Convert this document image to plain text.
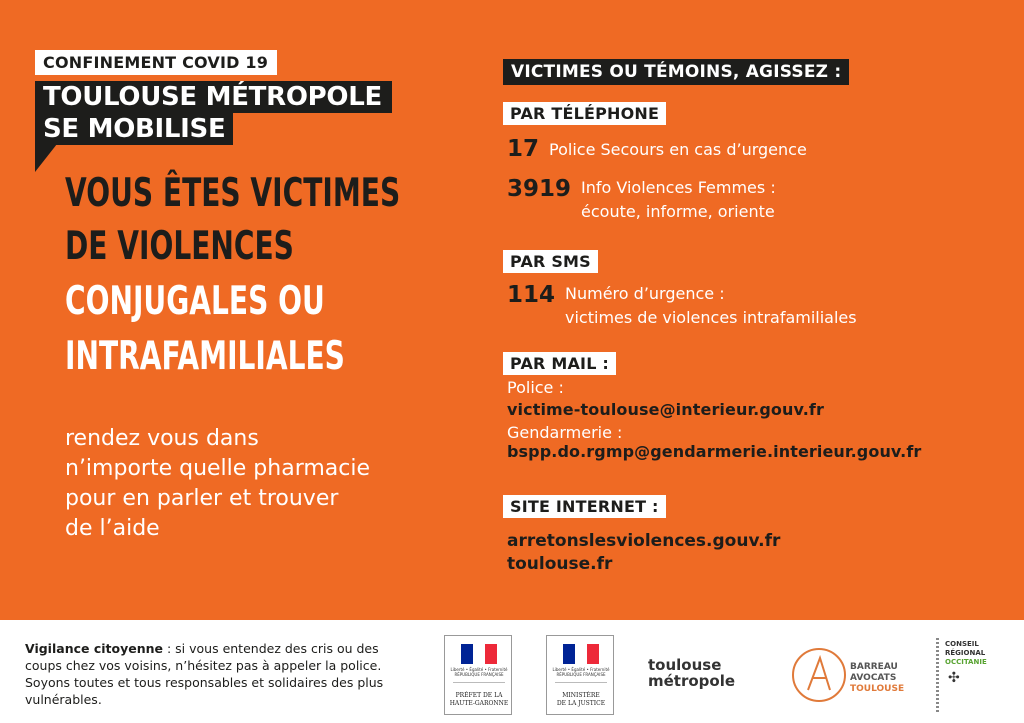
CONFINEMENT COVID 19
TOULOUSE MÉTROPOLE
SE MOBILISE
VOUS ÊTES VICTIMES
DE VIOLENCES
CONJUGALES OU
INTRAFAMILIALES
rendez vous dans
n’importe quelle pharmacie
pour en parler et trouver
de l’aide
VICTIMES OU TÉMOINS, AGISSEZ :
PAR TÉLÉPHONE
17 Police Secours en cas d’urgence
3919 Info Violences Femmes :
écoute, informe, oriente
PAR SMS
114 Numéro d’urgence :
victimes de violences intrafamiliales
PAR MAIL :
Police :
victime-toulouse@interieur.gouv.fr
Gendarmerie :
bspp.do.rgmp@gendarmerie.interieur.gouv.fr
SITE INTERNET :
arretonslesviolences.gouv.fr
toulouse.fr
Vigilance citoyenne : si vous entendez des cris ou des
coups chez vos voisins, n’hésitez pas à appeler la police.
Soyons toutes et tous responsables et solidaires des plus
vulnérables.
Liberté • Égalité • Fraternité
RÉPUBLIQUE FRANÇAISE
PRÉFET DE LA
HAUTE-GARONNE
Liberté • Égalité • Fraternité
RÉPUBLIQUE FRANÇAISE
MINISTÈRE
DE LA JUSTICE
toulouse
métropole
BARREAU
AVOCATS
TOULOUSE
CONSEIL
RÉGIONAL
OCCITANIE
✣
